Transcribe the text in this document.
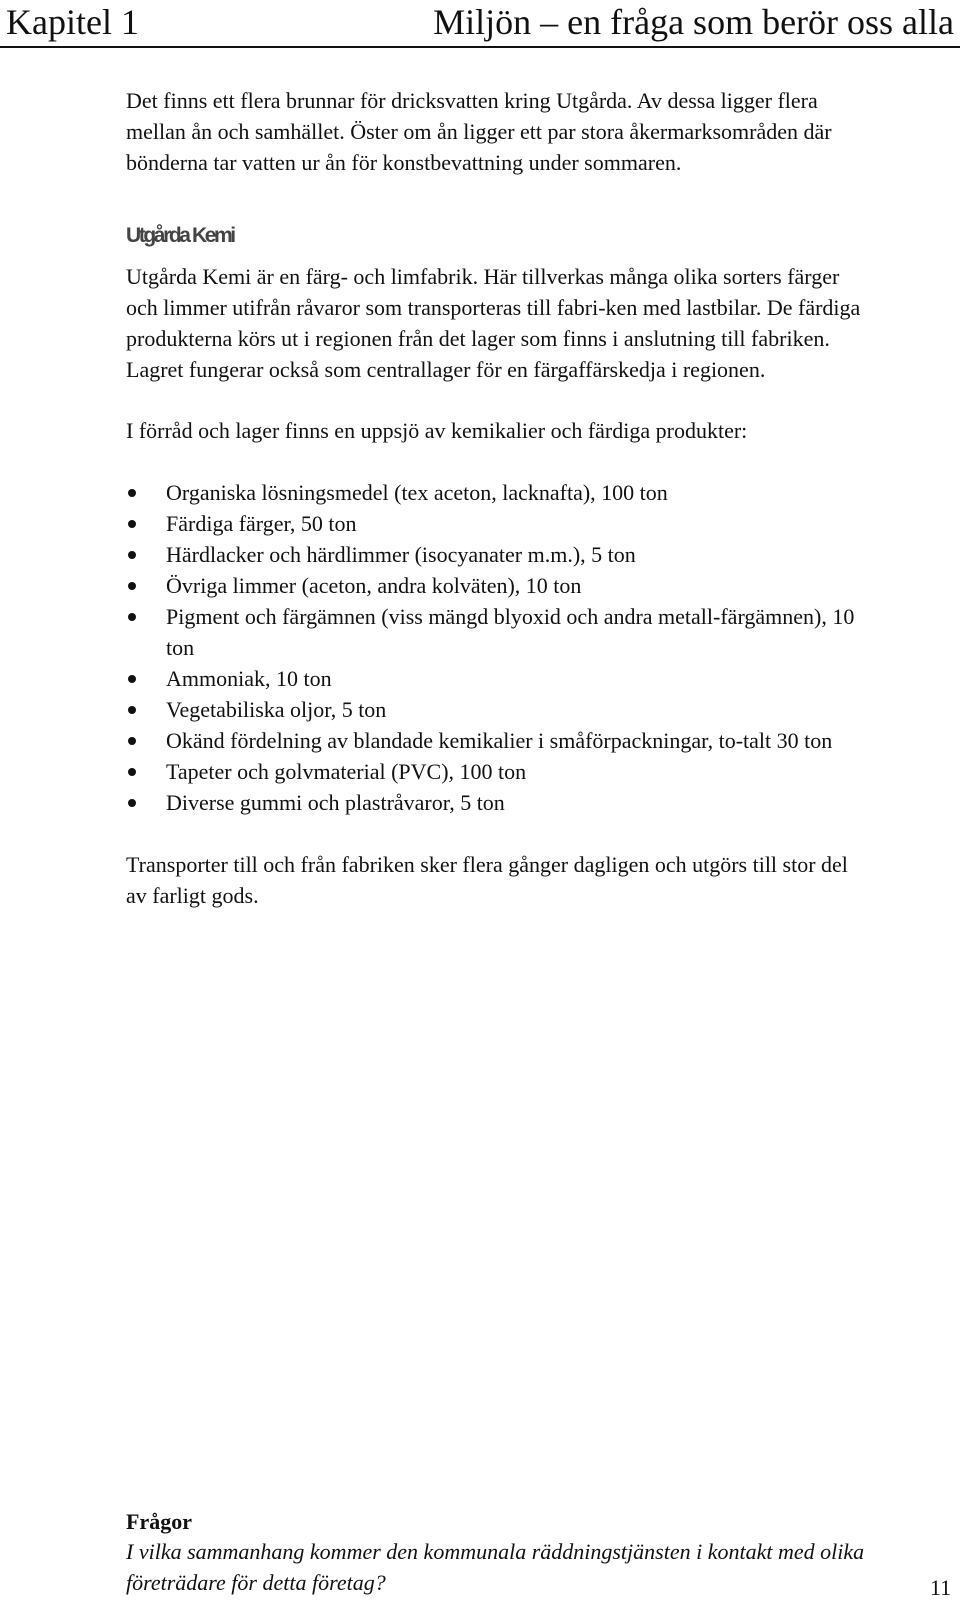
Kapitel 1	Miljön – en fråga som berör oss alla

Det finns ett flera brunnar för dricksvatten kring Utgårda. Av dessa ligger flera mellan ån och samhället. Öster om ån ligger ett par stora åkermarksområden där bönderna tar vatten ur ån för konstbevattning under sommaren.

Utgårda Kemi

Utgårda Kemi är en färg- och limfabrik. Här tillverkas många olika sorters färger och limmer utifrån råvaror som transporteras till fabri-ken med lastbilar. De färdiga produkterna körs ut i regionen från det lager som finns i anslutning till fabriken. Lagret fungerar också som centrallager för en färgaffärskedja i regionen.

I förråd och lager finns en uppsjö av kemikalier och färdiga produkter:

Organiska lösningsmedel (tex aceton, lacknafta), 100 ton
Färdiga färger, 50 ton
Härdlacker och härdlimmer (isocyanater m.m.), 5 ton
Övriga limmer (aceton, andra kolväten), 10 ton
Pigment och färgämnen (viss mängd blyoxid och andra metall-färgämnen), 10 ton
Ammoniak, 10 ton
Vegetabiliska oljor, 5 ton
Okänd fördelning av blandade kemikalier i småförpackningar, to-talt 30 ton
Tapeter och golvmaterial (PVC), 100 ton
Diverse gummi och plastråvaror, 5 ton

Transporter till och från fabriken sker flera gånger dagligen och utgörs till stor del av farligt gods.

Frågor

I vilka sammanhang kommer den kommunala räddningstjänsten i kontakt med olika företrädare för detta företag?	11
